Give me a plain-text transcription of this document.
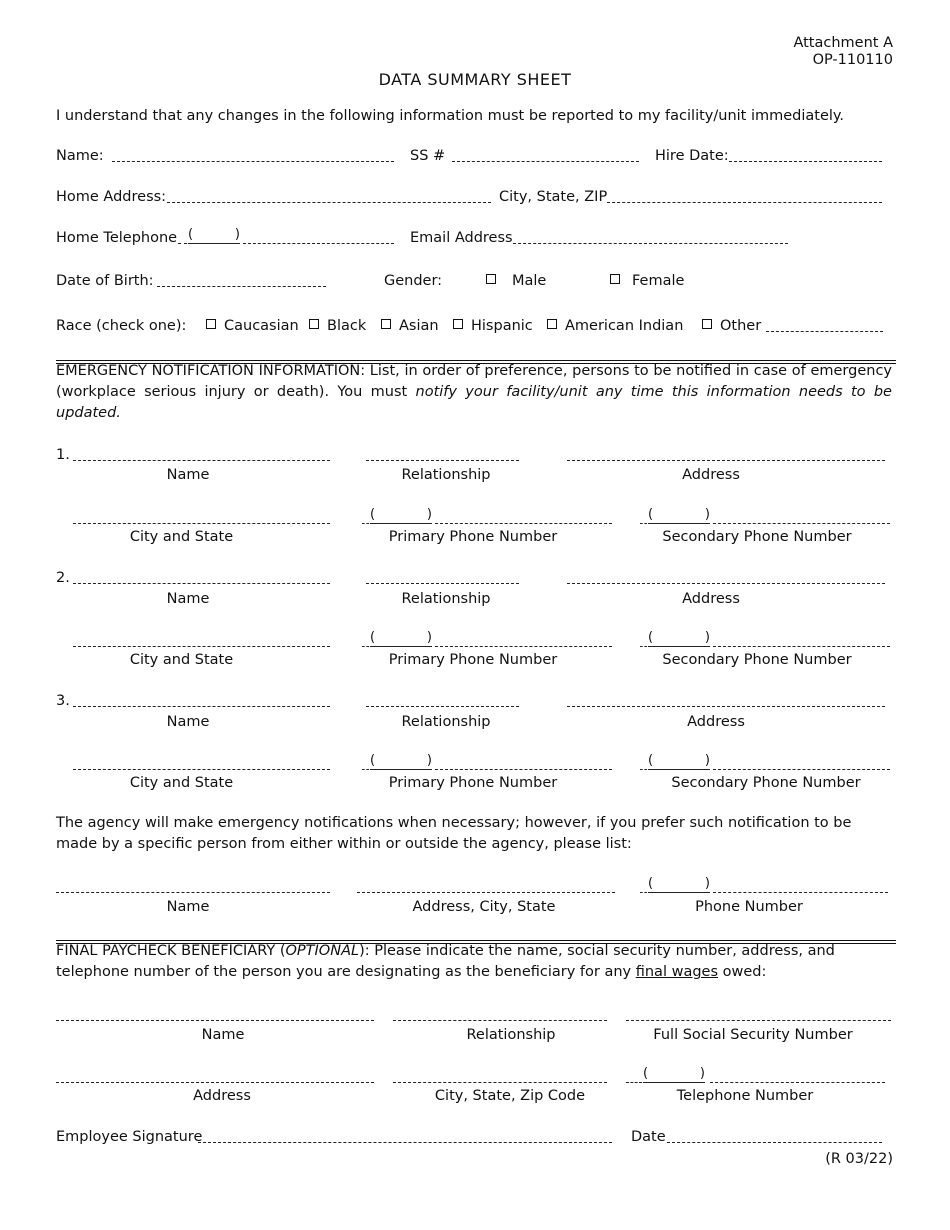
Attachment A
OP-110110
DATA SUMMARY SHEET
I understand that any changes in the following information must be reported to my facility/unit immediately.
Name:	SS #	Hire Date:
Home Address:	City, State, ZIP
Home Telephone (	)	Email Address
Date of Birth:	Gender:	Male	Female
Race (check one):	Caucasian Black Asian Hispanic American Indian	Other
EMERGENCY NOTIFICATION INFORMATION: List, in order of preference, persons to be notified in case of emergency (workplace serious injury or death). You must notify your facility/unit any time this information needs to be updated.
1.
Name	Relationship	Address
(	)	(	)
City and State	Primary Phone Number	Secondary Phone Number
2.
Name	Relationship	Address
(	)	(	)
City and State	Primary Phone Number	Secondary Phone Number
3.
Name	Relationship	Address
(	)	(	)
City and State	Primary Phone Number	Secondary Phone Number
The agency will make emergency notifications when necessary; however, if you prefer such notification to be made by a specific person from either within or outside the agency, please list:
(	)
Name	Address, City, State	Phone Number
FINAL PAYCHECK BENEFICIARY (OPTIONAL): Please indicate the name, social security number, address, and telephone number of the person you are designating as the beneficiary for any final wages owed:
Name	Relationship	Full Social Security Number
(	)
Address	City, State, Zip Code	Telephone Number
Employee Signature	Date
(R 03/22)
